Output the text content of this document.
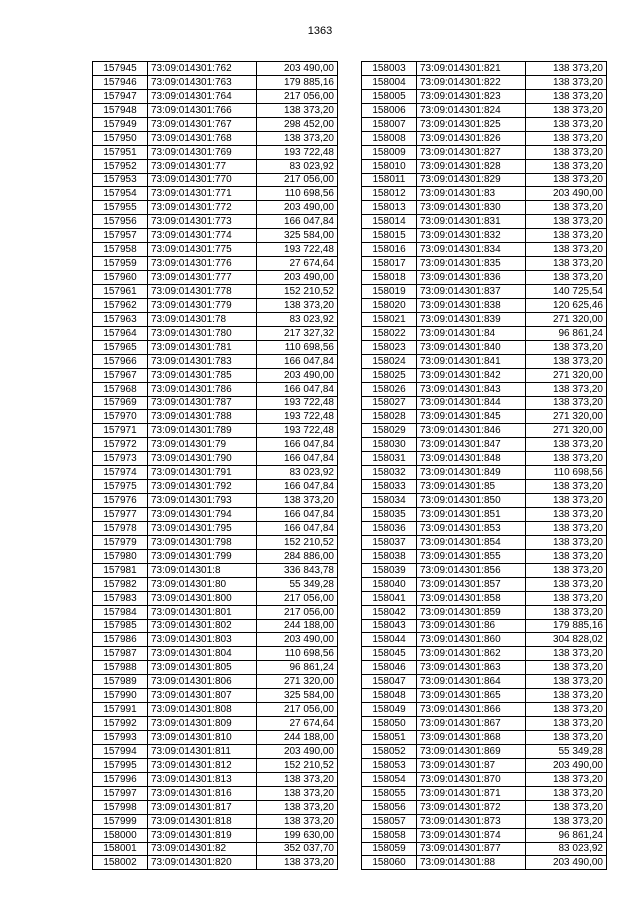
1363
157945	73:09:014301:762	203 490,00
157946	73:09:014301:763	179 885,16
157947	73:09:014301:764	217 056,00
157948	73:09:014301:766	138 373,20
157949	73:09:014301:767	298 452,00
157950	73:09:014301:768	138 373,20
157951	73:09:014301:769	193 722,48
157952	73:09:014301:77	83 023,92
157953	73:09:014301:770	217 056,00
157954	73:09:014301:771	110 698,56
157955	73:09:014301:772	203 490,00
157956	73:09:014301:773	166 047,84
157957	73:09:014301:774	325 584,00
157958	73:09:014301:775	193 722,48
157959	73:09:014301:776	27 674,64
157960	73:09:014301:777	203 490,00
157961	73:09:014301:778	152 210,52
157962	73:09:014301:779	138 373,20
157963	73:09:014301:78	83 023,92
157964	73:09:014301:780	217 327,32
157965	73:09:014301:781	110 698,56
157966	73:09:014301:783	166 047,84
157967	73:09:014301:785	203 490,00
157968	73:09:014301:786	166 047,84
157969	73:09:014301:787	193 722,48
157970	73:09:014301:788	193 722,48
157971	73:09:014301:789	193 722,48
157972	73:09:014301:79	166 047,84
157973	73:09:014301:790	166 047,84
157974	73:09:014301:791	83 023,92
157975	73:09:014301:792	166 047,84
157976	73:09:014301:793	138 373,20
157977	73:09:014301:794	166 047,84
157978	73:09:014301:795	166 047,84
157979	73:09:014301:798	152 210,52
157980	73:09:014301:799	284 886,00
157981	73:09:014301:8	336 843,78
157982	73:09:014301:80	55 349,28
157983	73:09:014301:800	217 056,00
157984	73:09:014301:801	217 056,00
157985	73:09:014301:802	244 188,00
157986	73:09:014301:803	203 490,00
157987	73:09:014301:804	110 698,56
157988	73:09:014301:805	96 861,24
157989	73:09:014301:806	271 320,00
157990	73:09:014301:807	325 584,00
157991	73:09:014301:808	217 056,00
157992	73:09:014301:809	27 674,64
157993	73:09:014301:810	244 188,00
157994	73:09:014301:811	203 490,00
157995	73:09:014301:812	152 210,52
157996	73:09:014301:813	138 373,20
157997	73:09:014301:816	138 373,20
157998	73:09:014301:817	138 373,20
157999	73:09:014301:818	138 373,20
158000	73:09:014301:819	199 630,00
158001	73:09:014301:82	352 037,70
158002	73:09:014301:820	138 373,20
158003	73:09:014301:821	138 373,20
158004	73:09:014301:822	138 373,20
158005	73:09:014301:823	138 373,20
158006	73:09:014301:824	138 373,20
158007	73:09:014301:825	138 373,20
158008	73:09:014301:826	138 373,20
158009	73:09:014301:827	138 373,20
158010	73:09:014301:828	138 373,20
158011	73:09:014301:829	138 373,20
158012	73:09:014301:83	203 490,00
158013	73:09:014301:830	138 373,20
158014	73:09:014301:831	138 373,20
158015	73:09:014301:832	138 373,20
158016	73:09:014301:834	138 373,20
158017	73:09:014301:835	138 373,20
158018	73:09:014301:836	138 373,20
158019	73:09:014301:837	140 725,54
158020	73:09:014301:838	120 625,46
158021	73:09:014301:839	271 320,00
158022	73:09:014301:84	96 861,24
158023	73:09:014301:840	138 373,20
158024	73:09:014301:841	138 373,20
158025	73:09:014301:842	271 320,00
158026	73:09:014301:843	138 373,20
158027	73:09:014301:844	138 373,20
158028	73:09:014301:845	271 320,00
158029	73:09:014301:846	271 320,00
158030	73:09:014301:847	138 373,20
158031	73:09:014301:848	138 373,20
158032	73:09:014301:849	110 698,56
158033	73:09:014301:85	138 373,20
158034	73:09:014301:850	138 373,20
158035	73:09:014301:851	138 373,20
158036	73:09:014301:853	138 373,20
158037	73:09:014301:854	138 373,20
158038	73:09:014301:855	138 373,20
158039	73:09:014301:856	138 373,20
158040	73:09:014301:857	138 373,20
158041	73:09:014301:858	138 373,20
158042	73:09:014301:859	138 373,20
158043	73:09:014301:86	179 885,16
158044	73:09:014301:860	304 828,02
158045	73:09:014301:862	138 373,20
158046	73:09:014301:863	138 373,20
158047	73:09:014301:864	138 373,20
158048	73:09:014301:865	138 373,20
158049	73:09:014301:866	138 373,20
158050	73:09:014301:867	138 373,20
158051	73:09:014301:868	138 373,20
158052	73:09:014301:869	55 349,28
158053	73:09:014301:87	203 490,00
158054	73:09:014301:870	138 373,20
158055	73:09:014301:871	138 373,20
158056	73:09:014301:872	138 373,20
158057	73:09:014301:873	138 373,20
158058	73:09:014301:874	96 861,24
158059	73:09:014301:877	83 023,92
158060	73:09:014301:88	203 490,00
